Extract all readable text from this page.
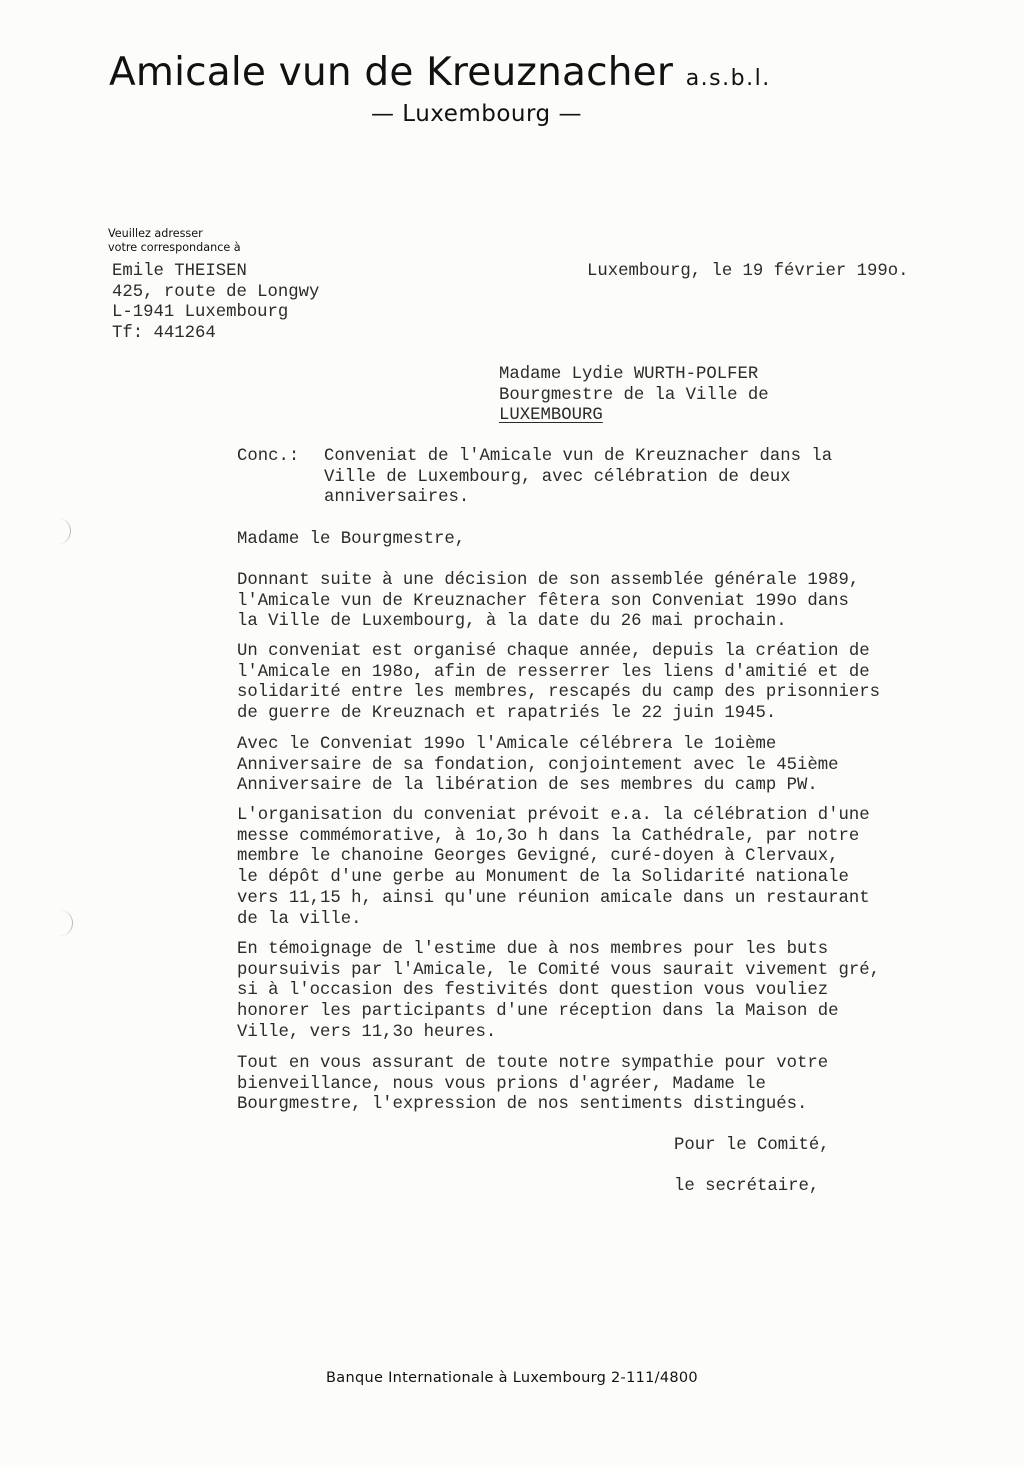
Amicale vun de Kreuznacher a.s.b.l.
— Luxembourg —
Veuillez adresser
votre correspondance à
Emile THEISEN
425, route de Longwy
L-1941 Luxembourg
Tf: 441264
Luxembourg, le 19 février 199o.
Madame Lydie WURTH-POLFER
Bourgmestre de la Ville de
LUXEMBOURG
Conc.: Conveniat de l'Amicale vun de Kreuznacher dans la
Ville de Luxembourg, avec célébration de deux
anniversaires.
Madame le Bourgmestre,
Donnant suite à une décision de son assemblée générale 1989,
l'Amicale vun de Kreuznacher fêtera son Conveniat 199o dans
la Ville de Luxembourg, à la date du 26 mai prochain.
Un conveniat est organisé chaque année, depuis la création de
l'Amicale en 198o, afin de resserrer les liens d'amitié et de
solidarité entre les membres, rescapés du camp des prisonniers
de guerre de Kreuznach et rapatriés le 22 juin 1945.
Avec le Conveniat 199o l'Amicale célébrera le 1oième
Anniversaire de sa fondation, conjointement avec le 45ième
Anniversaire de la libération de ses membres du camp PW.
L'organisation du conveniat prévoit e.a. la célébration d'une
messe commémorative, à 1o,3o h dans la Cathédrale, par notre
membre le chanoine Georges Gevigné, curé-doyen à Clervaux,
le dépôt d'une gerbe au Monument de la Solidarité nationale
vers 11,15 h, ainsi qu'une réunion amicale dans un restaurant
de la ville.
En témoignage de l'estime due à nos membres pour les buts
poursuivis par l'Amicale, le Comité vous saurait vivement gré,
si à l'occasion des festivités dont question vous vouliez
honorer les participants d'une réception dans la Maison de
Ville, vers 11,3o heures.
Tout en vous assurant de toute notre sympathie pour votre
bienveillance, nous vous prions d'agréer, Madame le
Bourgmestre, l'expression de nos sentiments distingués.
Pour le Comité,
le secrétaire,
Banque Internationale à Luxembourg 2-111/4800
